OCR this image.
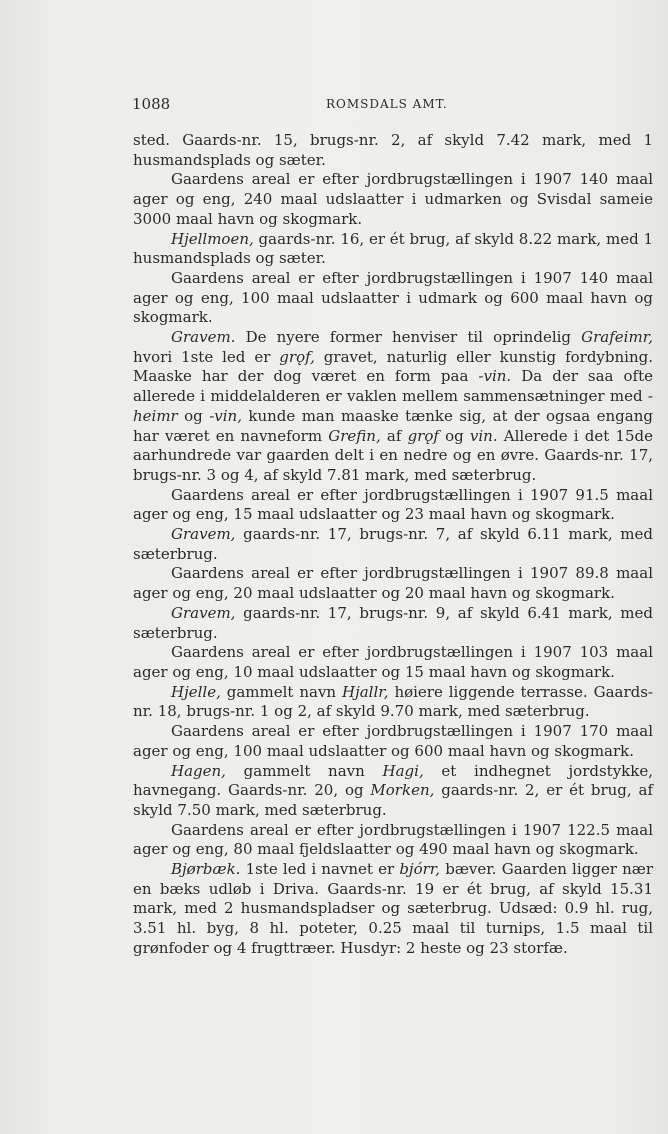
1088	ROMSDALS AMT.

sted. Gaards-nr. 15, brugs-nr. 2, af skyld 7.42 mark, med 1 husmandsplads og sæter.

Gaardens areal er efter jordbrugstællingen i 1907 140 maal ager og eng, 240 maal udslaatter i udmarken og Svisdal sameie 3000 maal havn og skogmark.

Hjellmoen, gaards-nr. 16, er ét brug, af skyld 8.22 mark, med 1 husmandsplads og sæter.

Gaardens areal er efter jordbrugstællingen i 1907 140 maal ager og eng, 100 maal udslaatter i udmark og 600 maal havn og skogmark.

Gravem. De nyere former henviser til oprindelig Grafeimr, hvori 1ste led er grǫf, gravet, naturlig eller kunstig fordybning. Maaske har der dog været en form paa -vin. Da der saa ofte allerede i middelalderen er vaklen mellem sammensætninger med -heimr og -vin, kunde man maaske tænke sig, at der ogsaa engang har været en navneform Grefin, af grǫf og vin. Allerede i det 15de aarhundrede var gaarden delt i en nedre og en øvre. Gaards-nr. 17, brugs-nr. 3 og 4, af skyld 7.81 mark, med sæterbrug.

Gaardens areal er efter jordbrugstællingen i 1907 91.5 maal ager og eng, 15 maal udslaatter og 23 maal havn og skogmark.

Gravem, gaards-nr. 17, brugs-nr. 7, af skyld 6.11 mark, med sæterbrug.

Gaardens areal er efter jordbrugstællingen i 1907 89.8 maal ager og eng, 20 maal udslaatter og 20 maal havn og skogmark.

Gravem, gaards-nr. 17, brugs-nr. 9, af skyld 6.41 mark, med sæterbrug.

Gaardens areal er efter jordbrugstællingen i 1907 103 maal ager og eng, 10 maal udslaatter og 15 maal havn og skogmark.

Hjelle, gammelt navn Hjallr, høiere liggende terrasse. Gaards-nr. 18, brugs-nr. 1 og 2, af skyld 9.70 mark, med sæterbrug.

Gaardens areal er efter jordbrugstællingen i 1907 170 maal ager og eng, 100 maal udslaatter og 600 maal havn og skogmark.

Hagen, gammelt navn Hagi, et indhegnet jordstykke, havnegang. Gaards-nr. 20, og Morken, gaards-nr. 2, er ét brug, af skyld 7.50 mark, med sæterbrug.

Gaardens areal er efter jordbrugstællingen i 1907 122.5 maal ager og eng, 80 maal fjeldslaatter og 490 maal havn og skogmark.

Bjørbæk. 1ste led i navnet er bjórr, bæver. Gaarden ligger nær en bæks udløb i Driva. Gaards-nr. 19 er ét brug, af skyld 15.31 mark, med 2 husmandspladser og sæterbrug. Udsæd: 0.9 hl. rug, 3.51 hl. byg, 8 hl. poteter, 0.25 maal til turnips, 1.5 maal til grønfoder og 4 frugttræer. Husdyr: 2 heste og 23 storfæ.
